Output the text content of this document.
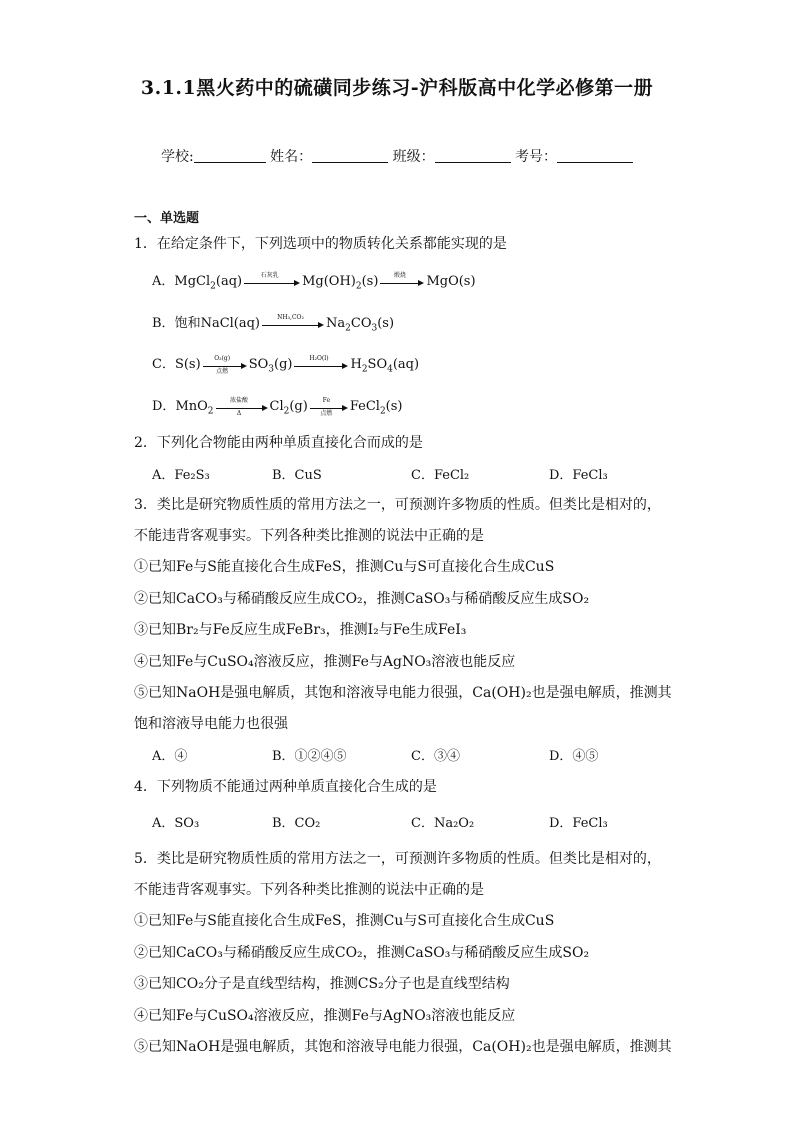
3.1.1黑火药中的硫磺同步练习-沪科版高中化学必修第一册
学校:	姓名：	班级：	考号：
一、单选题
1．在给定条件下，下列选项中的物质转化关系都能实现的是
A．MgCl$_2$(aq)	石灰乳	$Mg(OH)_2(s)$	煅烧	MgO(s)
B．饱和NaCl(aq)	NH₃,CO₂	$Na_2CO_3(s)$
C．S(s)	O₂(g)
点燃	$SO_3(g)$	H₂O(l)	$H_2SO_4(aq)$
D．MnO$_2$
浓盐酸
Δ	$Cl_2(g)$	Fe
点燃	FeCl$_2$(s)
2．下列化合物能由两种单质直接化合而成的是
A．Fe₂S₃	B．CuS	C．FeCl₂	D．FeCl₃
3．类比是研究物质性质的常用方法之一，可预测许多物质的性质。但类比是相对的，
不能违背客观事实。下列各种类比推测的说法中正确的是
①已知Fe与S能直接化合生成FeS，推测Cu与S可直接化合生成CuS
②已知CaCO₃与稀硝酸反应生成CO₂，推测CaSO₃与稀硝酸反应生成SO₂
③已知Br₂与Fe反应生成FeBr₃，推测I₂与Fe生成FeI₃
④已知Fe与CuSO₄溶液反应，推测Fe与AgNO₃溶液也能反应
⑤已知NaOH是强电解质，其饱和溶液导电能力很强，Ca(OH)₂也是强电解质，推测其
饱和溶液导电能力也很强
A．④	B．①②④⑤	C．③④	D．④⑤
4．下列物质不能通过两种单质直接化合生成的是
A．SO₃	B．CO₂	C．Na₂O₂	D．FeCl₃
5．类比是研究物质性质的常用方法之一，可预测许多物质的性质。但类比是相对的，
不能违背客观事实。下列各种类比推测的说法中正确的是
①已知Fe与S能直接化合生成FeS，推测Cu与S可直接化合生成CuS
②已知CaCO₃与稀硝酸反应生成CO₂，推测CaSO₃与稀硝酸反应生成SO₂
③已知CO₂分子是直线型结构，推测CS₂分子也是直线型结构
④已知Fe与CuSO₄溶液反应，推测Fe与AgNO₃溶液也能反应
⑤已知NaOH是强电解质，其饱和溶液导电能力很强，Ca(OH)₂也是强电解质，推测其
